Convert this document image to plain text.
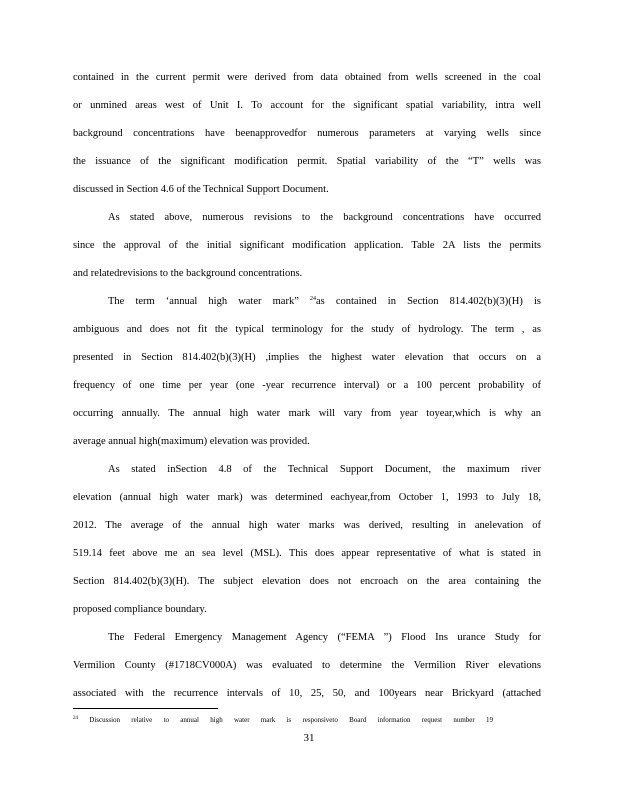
contained in the current permit were derived from data obtained from wells screened in the coal
or unmined areas west of Unit I. To account for the significant spatial variability, intra well
background concentrations have beenapprovedfor numerous parameters at varying wells since
the issuance of the significant modification permit. Spatial variability of the “T” wells was
discussed in Section 4.6 of the Technical Support Document.
As stated above, numerous revisions to the background concentrations have occurred
since the approval of the initial significant modification application. Table 2A lists the permits
and relatedrevisions to the background concentrations.
The term ‘annual high water mark” $^{24}$as contained in Section 814.402(b)(3)(H) is
ambiguous and does not fit the typical terminology for the study of hydrology. The term , as
presented in Section 814.402(b)(3)(H) ,implies the highest water elevation that occurs on a
frequency of one time per year (one -year recurrence interval) or a 100 percent probability of
occurring annually. The annual high water mark will vary from year toyear,which is why an
average annual high(maximum) elevation was provided.
As stated inSection 4.8 of the Technical Support Document, the maximum river
elevation (annual high water mark) was determined eachyear,from October 1, 1993 to July 18,
2012. The average of the annual high water marks was derived, resulting in anelevation of
519.14 feet above me an sea level (MSL). This does appear representative of what is stated in
Section 814.402(b)(3)(H). The subject elevation does not encroach on the area containing the
proposed compliance boundary.
The Federal Emergency Management Agency (“FEMA ”) Flood Ins urance Study for
Vermilion County (#1718CV000A) was evaluated to determine the Vermilion River elevations
associated with the recurrence intervals of 10, 25, 50, and 100years near Brickyard (attached
$^{24}$ Discussion relative to annual high water mark is responsiveto Board information request number 19
31
